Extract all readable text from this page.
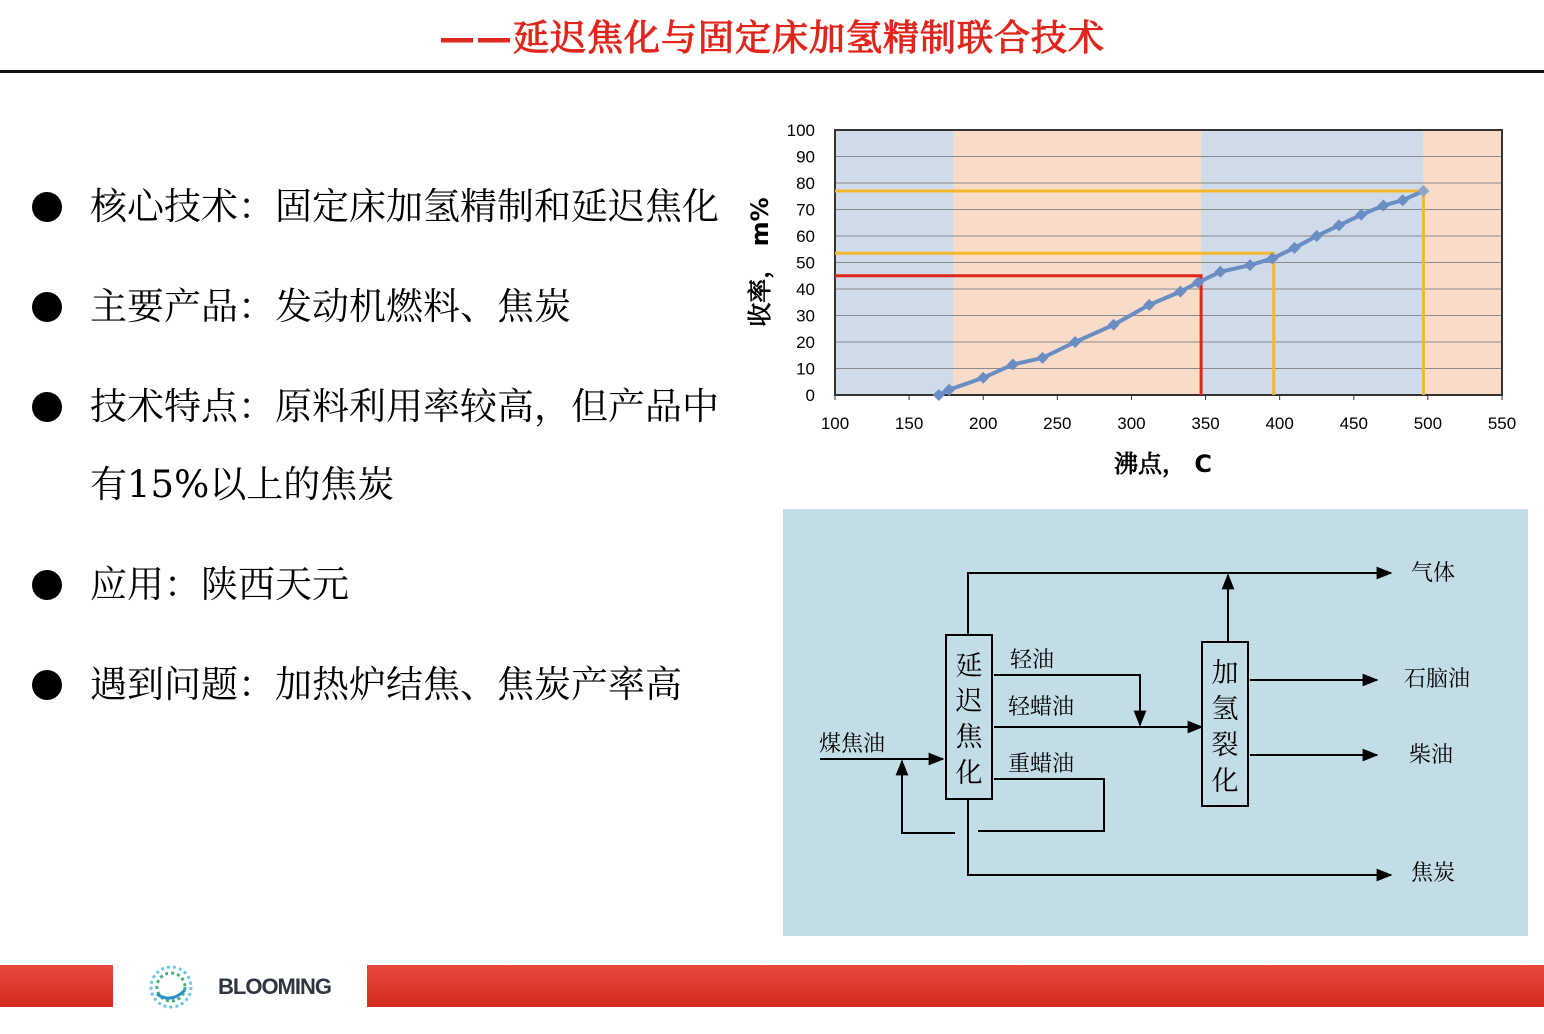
——延迟焦化与固定床加氢精制联合技术
核心技术：固定床加氢精制和延迟焦化
主要产品：发动机燃料、焦炭
技术特点：原料利用率较高，但产品中有15%以上的焦炭
应用：陕西天元
遇到问题：加热炉结焦、焦炭产率高
100	150	200	250	300	350	400	450	500	550
0
10
20
30
40
50
60
70
80
90
100
沸点， C
收率， m%
延
迟
焦
化
加
氢
裂
化
煤焦油
轻油
轻蜡油
重蜡油
气体
石脑油
柴油
焦炭
BLOOMING
